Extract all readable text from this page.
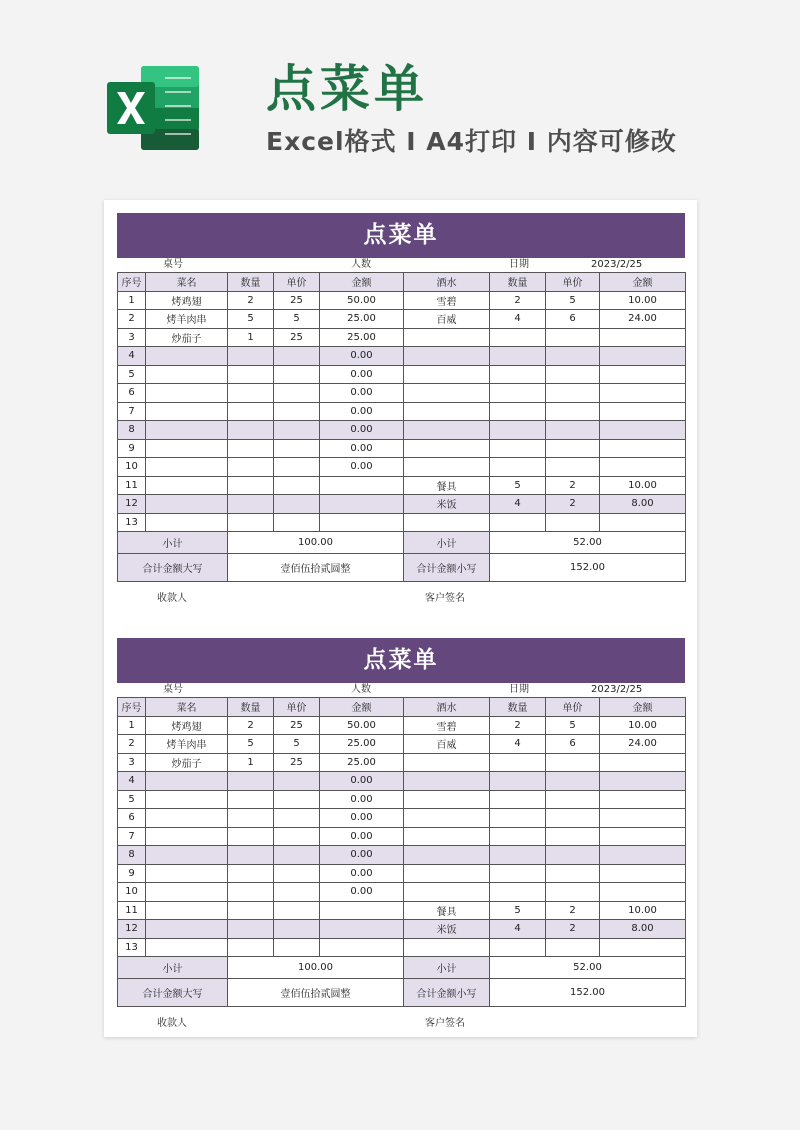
点菜单
Excel格式 I A4打印 I 内容可修改
点菜单
桌号	人数	日期	2023/2/25
序号	菜名	数量	单价	金额	酒水	数量	单价	金额
1	烤鸡翅	2	25	50.00	雪碧	2	5	10.00
2	烤羊肉串	5	5	25.00	百威	4	6	24.00
3	炒茄子	1	25	25.00				
4				0.00				
5				0.00				
6				0.00				
7				0.00				
8				0.00				
9				0.00				
10				0.00				
11					餐具	5	2	10.00
12					米饭	4	2	8.00
13								
小计		100.00			小计	52.00		
合计金额大写		壹佰伍拾贰圆整			合计金额小写	152.00		
收款人	客户签名
点菜单
桌号	人数	日期	2023/2/25
序号	菜名	数量	单价	金额	酒水	数量	单价	金额
1	烤鸡翅	2	25	50.00	雪碧	2	5	10.00
2	烤羊肉串	5	5	25.00	百威	4	6	24.00
3	炒茄子	1	25	25.00				
4				0.00				
5				0.00				
6				0.00				
7				0.00				
8				0.00				
9				0.00				
10				0.00				
11					餐具	5	2	10.00
12					米饭	4	2	8.00
13								
小计		100.00			小计	52.00		
合计金额大写		壹佰伍拾贰圆整			合计金额小写	152.00		
收款人	客户签名
